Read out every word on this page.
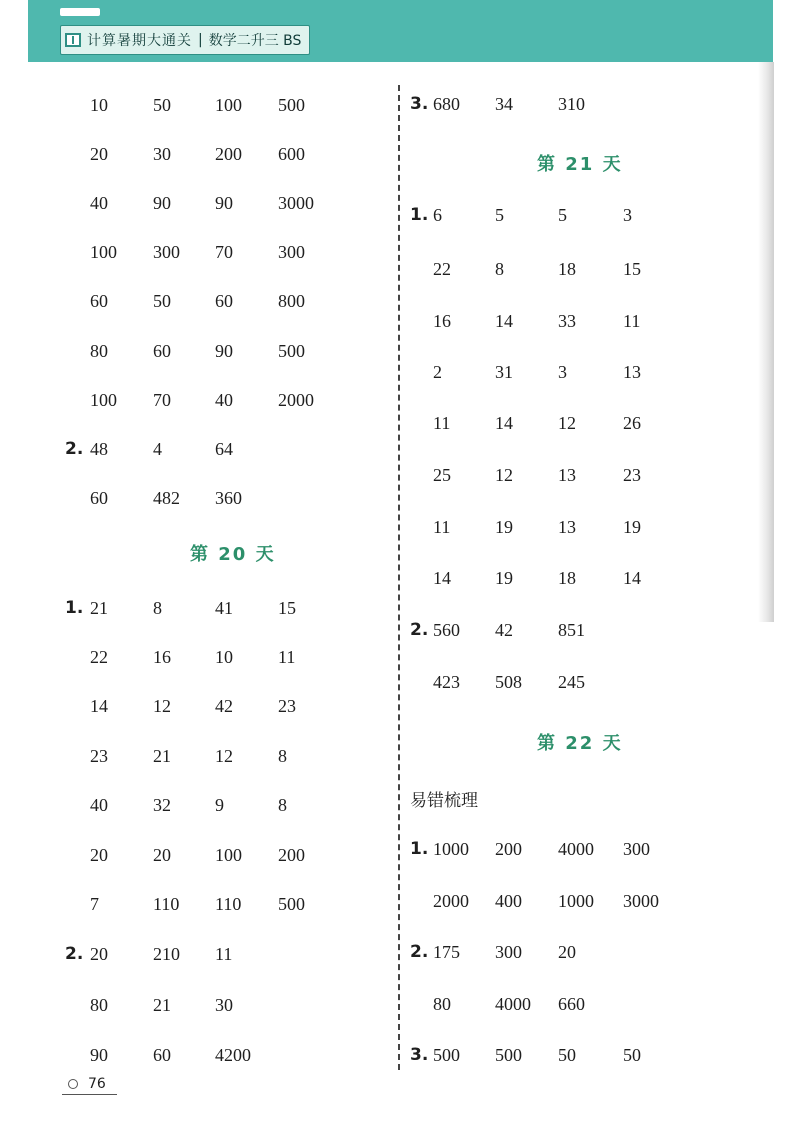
计算暑期大通关 | 数学二升三 BS
10	50 100 500
20	30 200 600
40	90 90	3000
100 300 70	300
60	50 60	800
80	60 90	500
100 70 40	2000
2. 48	4	64
60	482 360
第 20 天
1. 21	8	41	15
22	16 10	11
14	12 42	23
23	21 12	8
40	32 9	8
20	20 100 200
7	110 110 500
2. 20	210 11
80	21 30
90	60 4200
3. 680 34	310
第 21 天
1. 6	5	5	3
22 8	18	15
16 14	33	11
2	31	3	13
11 14	12	26
25 12	13	23
11 19	13	19
14 19	18	14
2. 560 42	851
423 508 245
第 22 天
易错梳理
1. 1000 200 4000 300
2000 400 1000 3000
2. 175 300 20
80 4000 660
3. 500 500 50	50
76
